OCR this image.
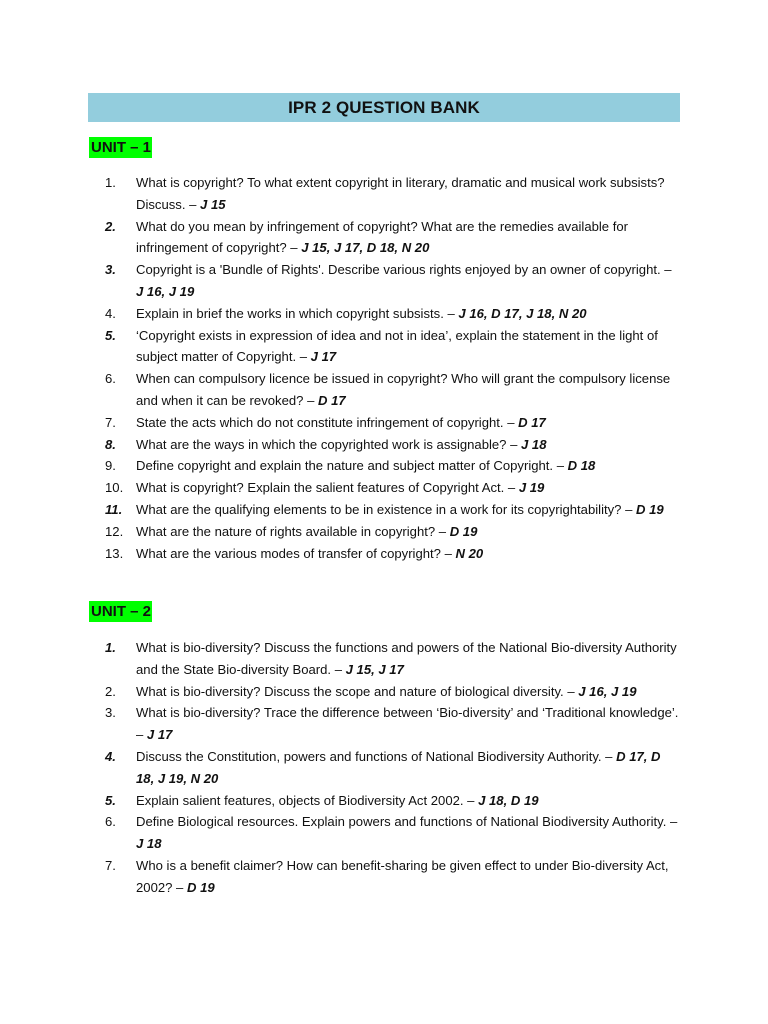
IPR 2 QUESTION BANK
UNIT – 1
1.	What is copyright? To what extent copyright in literary, dramatic and musical work subsists? Discuss. – J 15
2.	What do you mean by infringement of copyright? What are the remedies available for infringement of copyright? – J 15, J 17, D 18, N 20
3.	Copyright is a 'Bundle of Rights'. Describe various rights enjoyed by an owner of copyright. – J 16, J 19
4.	Explain in brief the works in which copyright subsists. – J 16, D 17, J 18, N 20
5.	‘Copyright exists in expression of idea and not in idea’, explain the statement in the light of subject matter of Copyright. – J 17
6.	When can compulsory licence be issued in copyright? Who will grant the compulsory license and when it can be revoked? – D 17
7.	State the acts which do not constitute infringement of copyright. – D 17
8.	What are the ways in which the copyrighted work is assignable? – J 18
9.	Define copyright and explain the nature and subject matter of Copyright. – D 18
10. What is copyright? Explain the salient features of Copyright Act. – J 19
11.	What are the qualifying elements to be in existence in a work for its copyrightability? – D 19
12. What are the nature of rights available in copyright? – D 19
13. What are the various modes of transfer of copyright? – N 20
UNIT – 2
1.	What is bio-diversity? Discuss the functions and powers of the National Bio-diversity Authority and the State Bio-diversity Board. – J 15, J 17
2.	What is bio-diversity? Discuss the scope and nature of biological diversity. – J 16, J 19
3.	What is bio-diversity? Trace the difference between ‘Bio-diversity’ and ‘Traditional knowledge’. – J 17
4.	Discuss the Constitution, powers and functions of National Biodiversity Authority. – D 17, D 18, J 19, N 20
5.	Explain salient features, objects of Biodiversity Act 2002. – J 18, D 19
6.	Define Biological resources. Explain powers and functions of National Biodiversity Authority. – J 18
7.	Who is a benefit claimer? How can benefit-sharing be given effect to under Bio-diversity Act, 2002? – D 19
